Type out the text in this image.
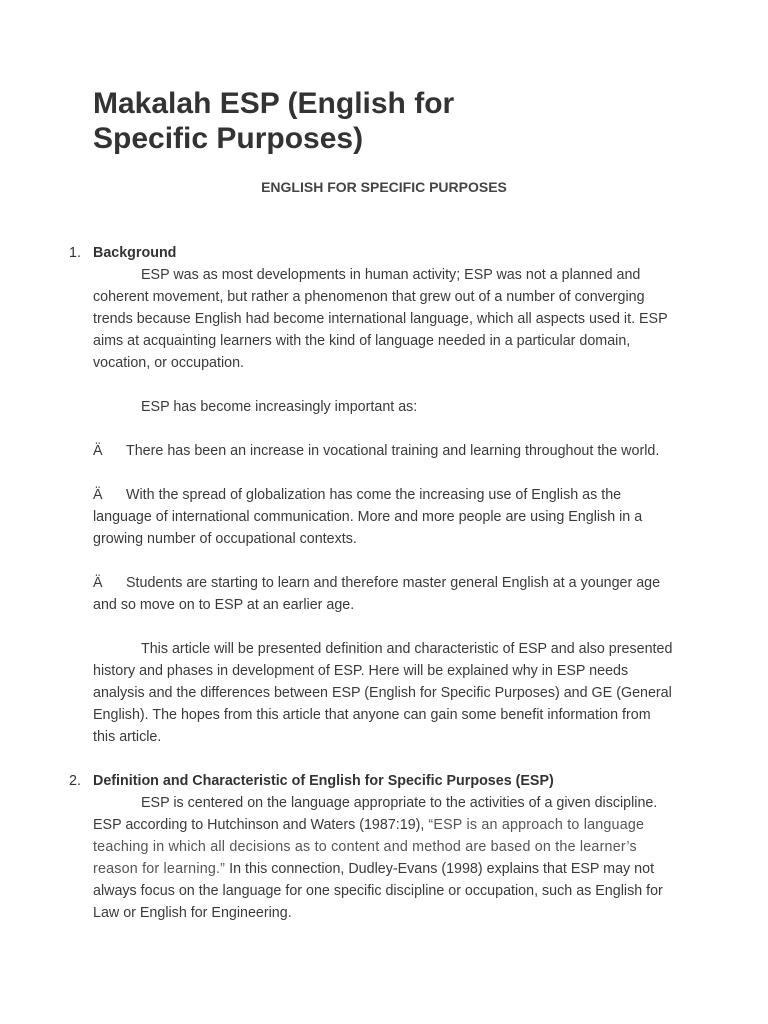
Makalah ESP (English for Specific Purposes)
ENGLISH FOR SPECIFIC PURPOSES
1. Background

ESP was as most developments in human activity; ESP was not a planned and coherent movement, but rather a phenomenon that grew out of a number of converging trends because English had become international language, which all aspects used it. ESP aims at acquainting learners with the kind of language needed in a particular domain, vocation, or occupation.

ESP has become increasingly important as:

Ä There has been an increase in vocational training and learning throughout the world.

Ä With the spread of globalization has come the increasing use of English as the language of international communication. More and more people are using English in a growing number of occupational contexts.

Ä Students are starting to learn and therefore master general English at a younger age and so move on to ESP at an earlier age.

This article will be presented definition and characteristic of ESP and also presented history and phases in development of ESP. Here will be explained why in ESP needs analysis and the differences between ESP (English for Specific Purposes) and GE (General English). The hopes from this article that anyone can gain some benefit information from this article.

2. Definition and Characteristic of English for Specific Purposes (ESP)

ESP is centered on the language appropriate to the activities of a given discipline. ESP according to Hutchinson and Waters (1987:19), “ESP is an approach to language teaching in which all decisions as to content and method are based on the learner’s reason for learning.” In this connection, Dudley-Evans (1998) explains that ESP may not always focus on the language for one specific discipline or occupation, such as English for Law or English for Engineering.
